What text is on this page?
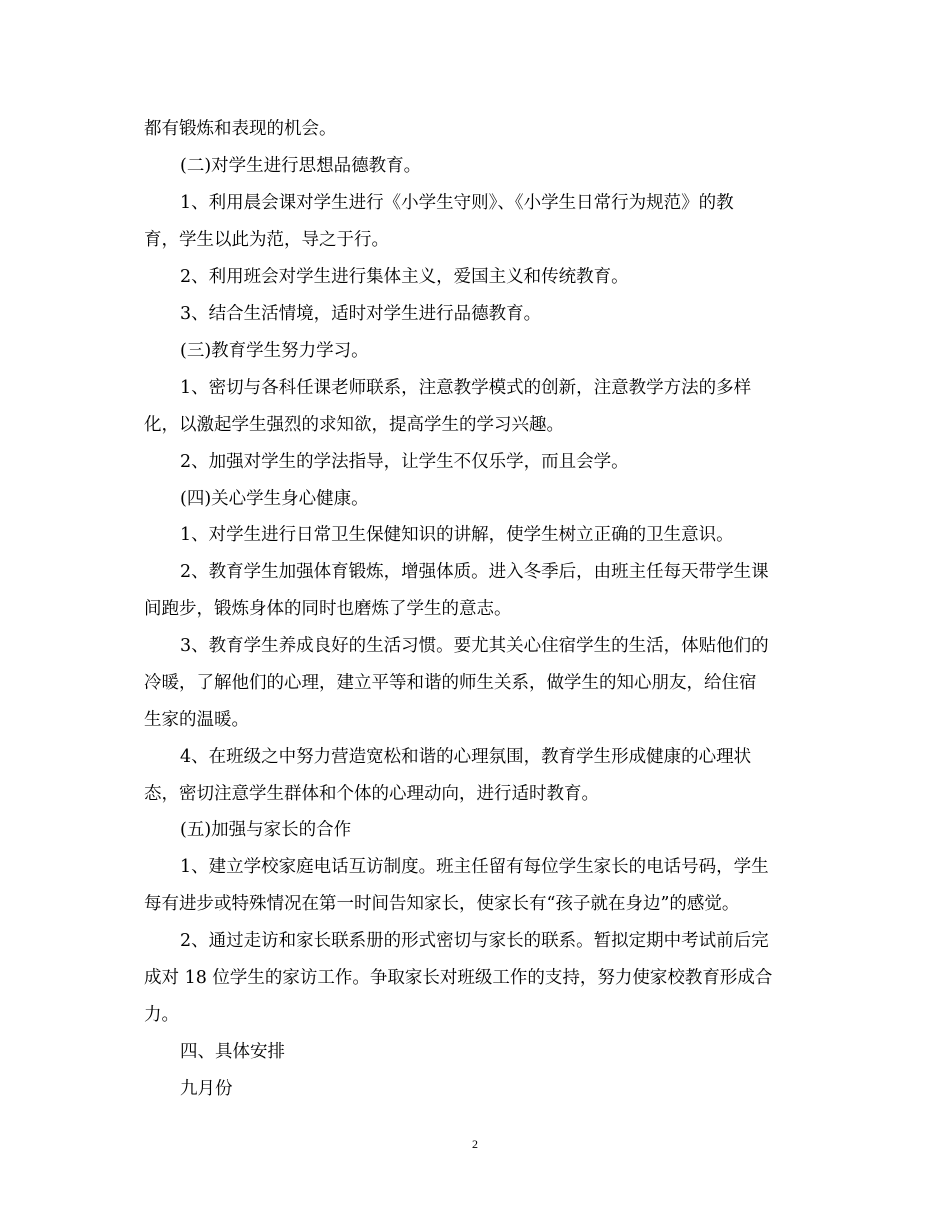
都有锻炼和表现的机会。
(二)对学生进行思想品德教育。
1、利用晨会课对学生进行《小学生守则》、《小学生日常行为规范》的教
育，学生以此为范，导之于行。
2、利用班会对学生进行集体主义，爱国主义和传统教育。
3、结合生活情境，适时对学生进行品德教育。
(三)教育学生努力学习。
1、密切与各科任课老师联系，注意教学模式的创新，注意教学方法的多样
化，以激起学生强烈的求知欲，提高学生的学习兴趣。
2、加强对学生的学法指导，让学生不仅乐学，而且会学。
(四)关心学生身心健康。
1、对学生进行日常卫生保健知识的讲解，使学生树立正确的卫生意识。
2、教育学生加强体育锻炼，增强体质。进入冬季后，由班主任每天带学生课
间跑步，锻炼身体的同时也磨炼了学生的意志。
3、教育学生养成良好的生活习惯。要尤其关心住宿学生的生活，体贴他们的
冷暖，了解他们的心理，建立平等和谐的师生关系，做学生的知心朋友，给住宿
生家的温暖。
4、在班级之中努力营造宽松和谐的心理氛围，教育学生形成健康的心理状
态，密切注意学生群体和个体的心理动向，进行适时教育。
(五)加强与家长的合作
1、建立学校家庭电话互访制度。班主任留有每位学生家长的电话号码，学生
每有进步或特殊情况在第一时间告知家长，使家长有“孩子就在身边”的感觉。
2、通过走访和家长联系册的形式密切与家长的联系。暂拟定期中考试前后完
成对 18 位学生的家访工作。争取家长对班级工作的支持，努力使家校教育形成合
力。
四、具体安排
九月份
2
